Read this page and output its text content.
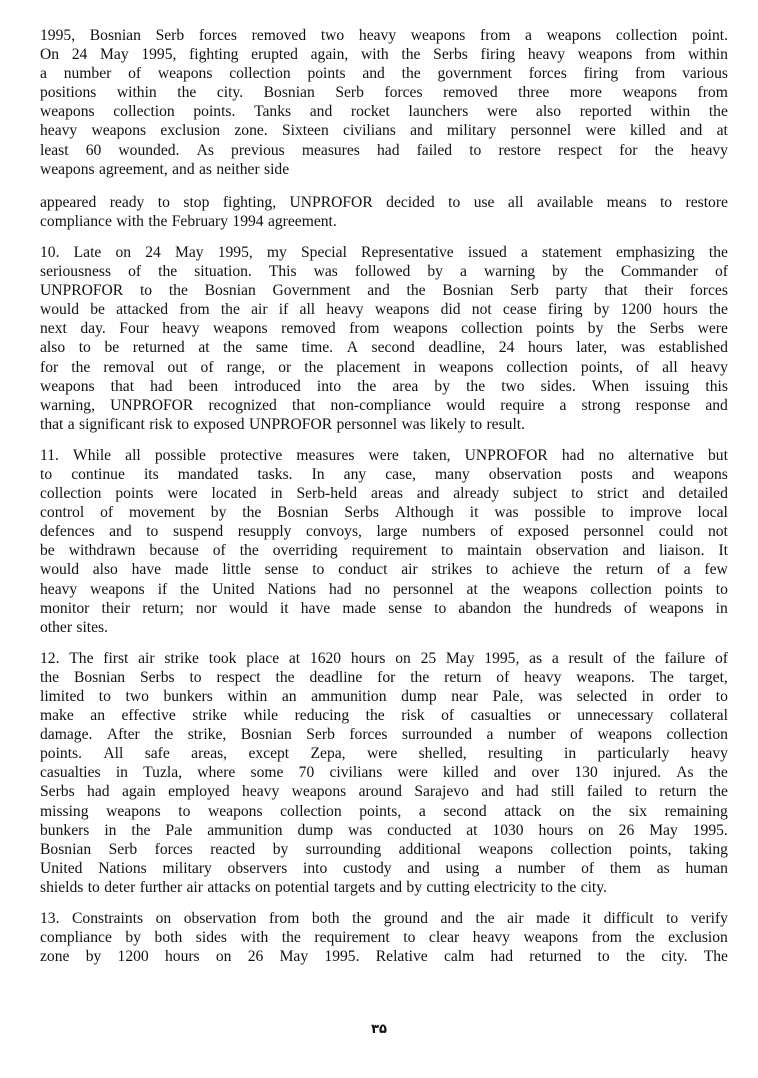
1995, Bosnian Serb forces removed two heavy weapons from a weapons collection point.
On 24 May 1995, fighting erupted again, with the Serbs firing heavy weapons from within
a number of weapons collection points and the government forces firing from various
positions within the city. Bosnian Serb forces removed three more weapons from
weapons collection points. Tanks and rocket launchers were also reported within the
heavy weapons exclusion zone. Sixteen civilians and military personnel were killed and at
least 60 wounded. As previous measures had failed to restore respect for the heavy
weapons agreement, and as neither side
appeared ready to stop fighting, UNPROFOR decided to use all available means to restore
compliance with the February 1994 agreement.
10. Late on 24 May 1995, my Special Representative issued a statement emphasizing the
seriousness of the situation. This was followed by a warning by the Commander of
UNPROFOR to the Bosnian Government and the Bosnian Serb party that their forces
would be attacked from the air if all heavy weapons did not cease firing by 1200 hours the
next day. Four heavy weapons removed from weapons collection points by the Serbs were
also to be returned at the same time. A second deadline, 24 hours later, was established
for the removal out of range, or the placement in weapons collection points, of all heavy
weapons that had been introduced into the area by the two sides. When issuing this
warning, UNPROFOR recognized that non-compliance would require a strong response and
that a significant risk to exposed UNPROFOR personnel was likely to result.
11. While all possible protective measures were taken, UNPROFOR had no alternative but
to continue its mandated tasks. In any case, many observation posts and weapons
collection points were located in Serb-held areas and already subject to strict and detailed
control of movement by the Bosnian Serbs Although it was possible to improve local
defences and to suspend resupply convoys, large numbers of exposed personnel could not
be withdrawn because of the overriding requirement to maintain observation and liaison. It
would also have made little sense to conduct air strikes to achieve the return of a few
heavy weapons if the United Nations had no personnel at the weapons collection points to
monitor their return; nor would it have made sense to abandon the hundreds of weapons in
other sites.
12. The first air strike took place at 1620 hours on 25 May 1995, as a result of the failure of
the Bosnian Serbs to respect the deadline for the return of heavy weapons. The target,
limited to two bunkers within an ammunition dump near Pale, was selected in order to
make an effective strike while reducing the risk of casualties or unnecessary collateral
damage. After the strike, Bosnian Serb forces surrounded a number of weapons collection
points. All safe areas, except Zepa, were shelled, resulting in particularly heavy
casualties in Tuzla, where some 70 civilians were killed and over 130 injured. As the
Serbs had again employed heavy weapons around Sarajevo and had still failed to return the
missing weapons to weapons collection points, a second attack on the six remaining
bunkers in the Pale ammunition dump was conducted at 1030 hours on 26 May 1995.
Bosnian Serb forces reacted by surrounding additional weapons collection points, taking
United Nations military observers into custody and using a number of them as human
shields to deter further air attacks on potential targets and by cutting electricity to the city.
13. Constraints on observation from both the ground and the air made it difficult to verify
compliance by both sides with the requirement to clear heavy weapons from the exclusion
zone by 1200 hours on 26 May 1995. Relative calm had returned to the city. The
۳۵
